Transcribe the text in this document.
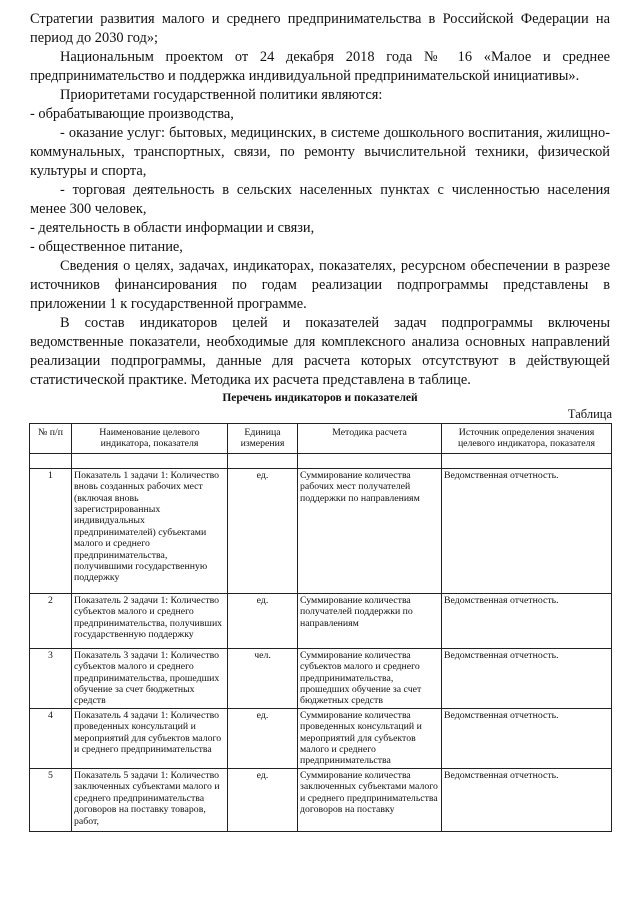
Стратегии развития малого и среднего предпринимательства в Российской Федерации на период до 2030 год»;

Национальным проектом от 24 декабря 2018 года № 16 «Малое и среднее предпринимательство и поддержка индивидуальной предпринимательской инициативы».

Приоритетами государственной политики являются:

- обрабатывающие производства,

- оказание услуг: бытовых, медицинских, в системе дошкольного воспитания, жилищно-коммунальных, транспортных, связи, по ремонту вычислительной техники, физической культуры и спорта,

- торговая деятельность в сельских населенных пунктах с численностью населения менее 300 человек,

- деятельность в области информации и связи,

- общественное питание,

Сведения о целях, задачах, индикаторах, показателях, ресурсном обеспечении в разрезе источников финансирования по годам реализации подпрограммы представлены в приложении 1 к государственной программе.

В состав индикаторов целей и показателей задач подпрограммы включены ведомственные показатели, необходимые для комплексного анализа основных направлений реализации подпрограммы, данные для расчета которых отсутствуют в действующей статистической практике. Методика их расчета представлена в таблице.

Перечень индикаторов и показателей
Таблица
№ п/п	Наименование целевого индикатора, показателя	Единица измерения	Методика расчета	Источник определения значения целевого индикатора, показателя

1	Показатель 1 задачи 1: Количество вновь созданных рабочих мест (включая вновь зарегистрированных индивидуальных предпринимателей) субъектами малого и среднего предпринимательства, получившими государственную поддержку	ед.	Суммирование количества рабочих мест получателей поддержки по направлениям	Ведомственная отчетность.
2	Показатель 2 задачи 1: Количество субъектов малого и среднего предпринимательства, получивших государственную поддержку	ед.	Суммирование количества получателей поддержки по направлениям	Ведомственная отчетность.
3	Показатель 3 задачи 1: Количество субъектов малого и среднего предпринимательства, прошедших обучение за счет бюджетных средств	чел.	Суммирование количества субъектов малого и среднего предпринимательства, прошедших обучение за счет бюджетных средств	Ведомственная отчетность.
4	Показатель 4 задачи 1: Количество проведенных консультаций и мероприятий для субъектов малого и среднего предпринимательства	ед.	Суммирование количества проведенных консультаций и мероприятий для субъектов малого и среднего предпринимательства	Ведомственная отчетность.
5	Показатель 5 задачи 1: Количество заключенных субъектами малого и среднего предпринимательства договоров на поставку товаров, работ,	ед.	Суммирование количества заключенных субъектами малого и среднего предпринимательства договоров на поставку	Ведомственная отчетность.
